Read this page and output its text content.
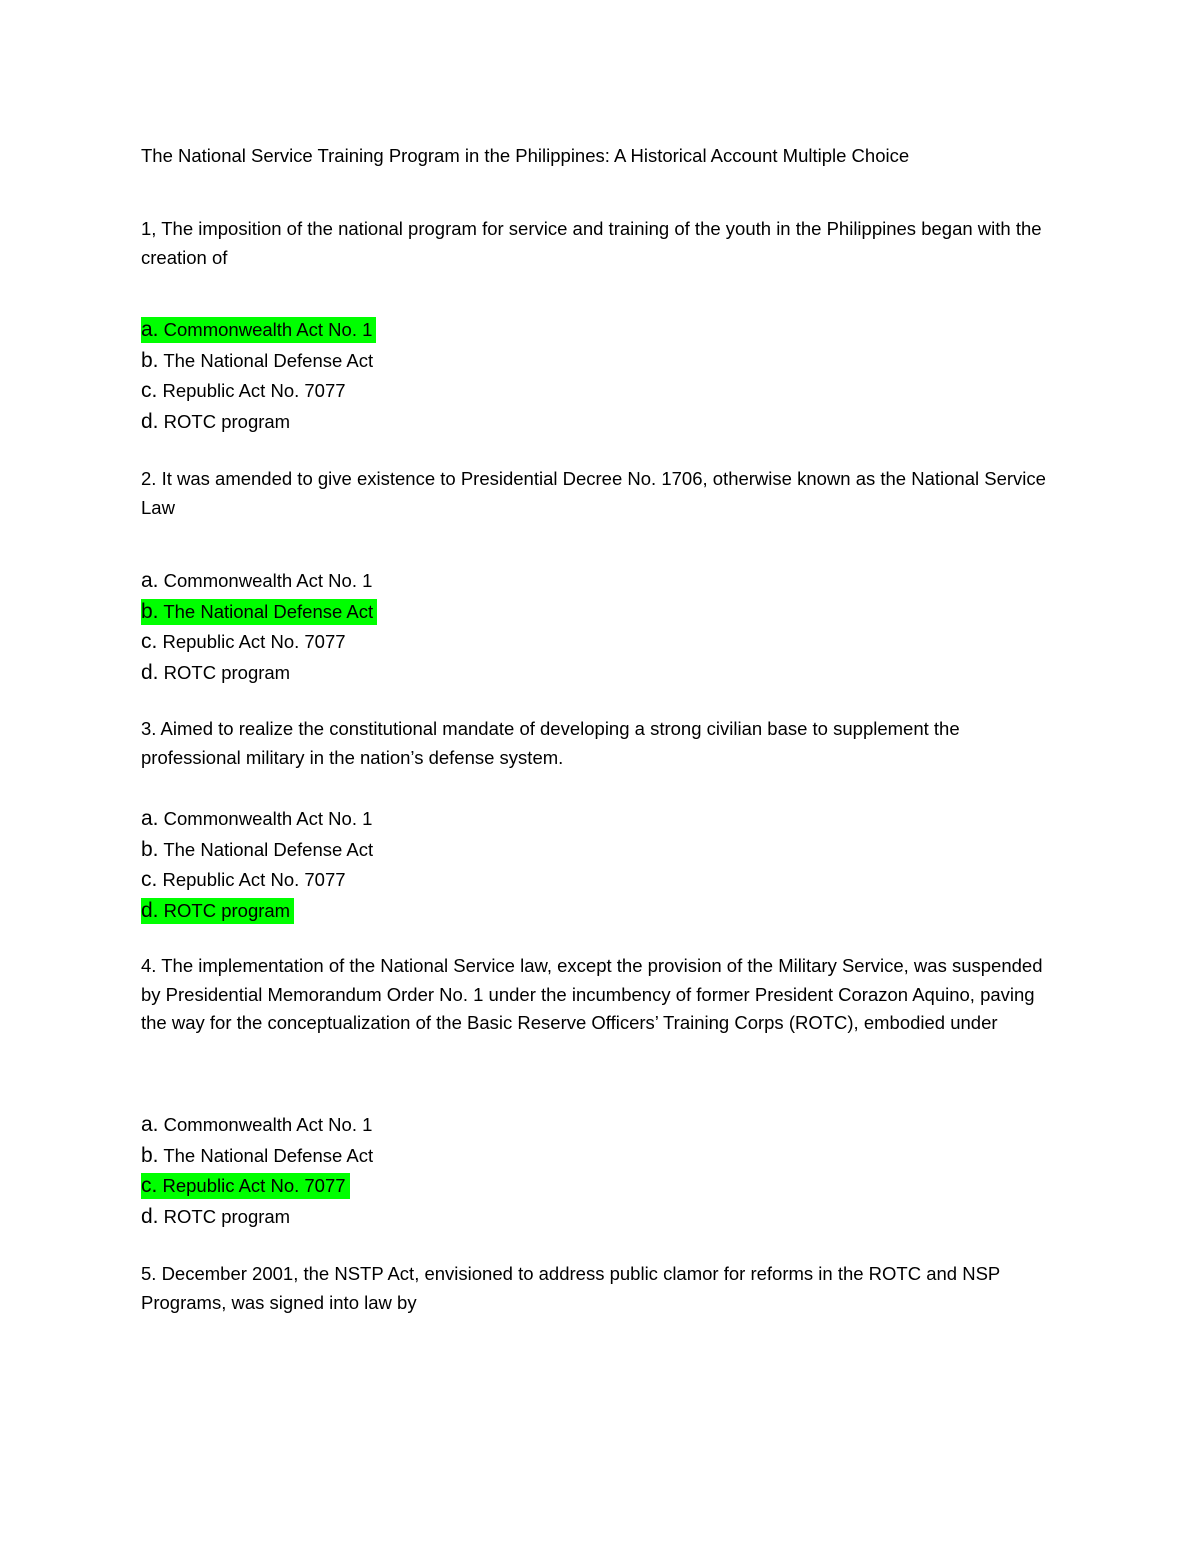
The National Service Training Program in the Philippines: A Historical Account Multiple Choice
1, The imposition of the national program for service and training of the youth in the Philippines began with the creation of
a. Commonwealth Act No. 1
b. The National Defense Act
c. Republic Act No. 7077
d. ROTC program
2. It was amended to give existence to Presidential Decree No. 1706, otherwise known as the National Service Law
a. Commonwealth Act No. 1
b. The National Defense Act
c. Republic Act No. 7077
d. ROTC program
3. Aimed to realize the constitutional mandate of developing a strong civilian base to supplement the professional military in the nation’s defense system.
a. Commonwealth Act No. 1
b. The National Defense Act
c. Republic Act No. 7077
d. ROTC program
4. The implementation of the National Service law, except the provision of the Military Service, was suspended by Presidential Memorandum Order No. 1 under the incumbency of former President Corazon Aquino, paving the way for the conceptualization of the Basic Reserve Officers’ Training Corps (ROTC), embodied under
a. Commonwealth Act No. 1
b. The National Defense Act
c. Republic Act No. 7077
d. ROTC program
5. December 2001, the NSTP Act, envisioned to address public clamor for reforms in the ROTC and NSP Programs, was signed into law by
